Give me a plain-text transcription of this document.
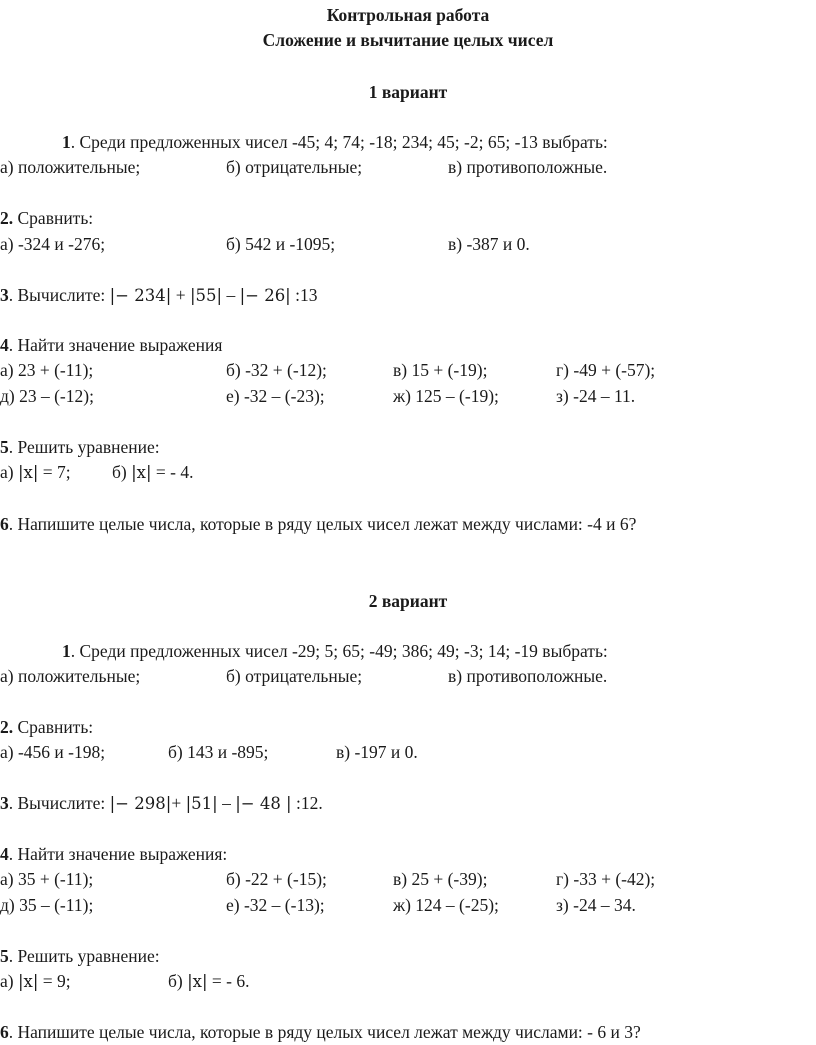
Контрольная работа
Сложение и вычитание целых чисел
1 вариант
1. Среди предложенных чисел -45; 4; 74; -18; 234; 45; -2; 65; -13 выбрать:
а) положительные;	б) отрицательные;	в) противоположные.
2. Сравнить:
а) -324 и -276;	б) 542 и -1095;	в) -387 и 0.
3. Вычислите: |− 234| + |55| – |− 26| :13
4. Найти значение выражения
а) 23 + (-11);	б) -32 + (-12);	в) 15 + (-19);	г) -49 + (-57);
д) 23 – (-12);	е) -32 – (-23);	ж) 125 – (-19);	з) -24 – 11.
5. Решить уравнение:
а) |x| = 7; б) |x| = - 4.
6. Напишите целые числа, которые в ряду целых чисел лежат между числами: -4 и 6?
2 вариант
1. Среди предложенных чисел -29; 5; 65; -49; 386; 49; -3; 14; -19 выбрать:
а) положительные;	б) отрицательные;	в) противоположные.
2. Сравнить:
а) -456 и -198;	б) 143 и -895;	в) -197 и 0.
3. Вычислите: |− 298|+ |51| – |− 48 | :12.
4. Найти значение выражения:
а) 35 + (-11);	б) -22 + (-15);	в) 25 + (-39);	г) -33 + (-42);
д) 35 – (-11);	е) -32 – (-13);	ж) 124 – (-25);	з) -24 – 34.
5. Решить уравнение:
а) |x| = 9;	б) |x| = - 6.
6. Напишите целые числа, которые в ряду целых чисел лежат между числами: - 6 и 3?
